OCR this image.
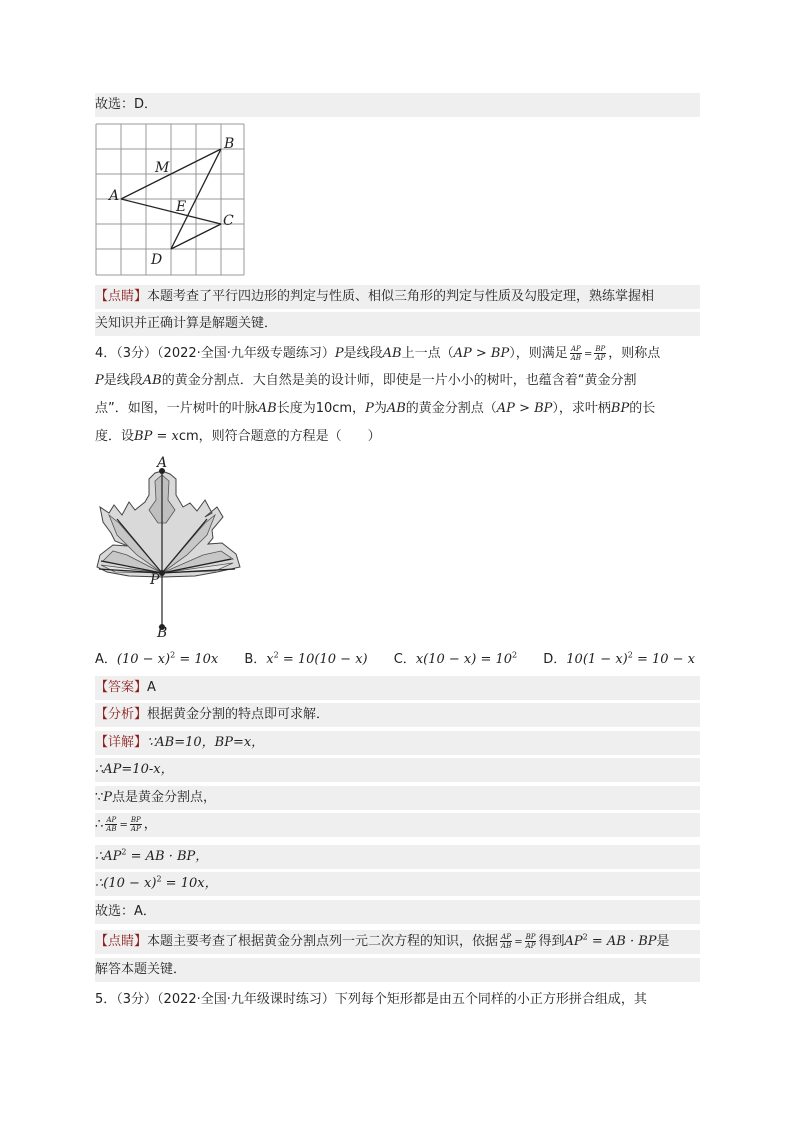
故选：D．
A
B
C
D
E
M
【点睛】本题考查了平行四边形的判定与性质、相似三角形的判定与性质及勾股定理，熟练掌握相
关知识并正确计算是解题关键．
4．（3分）（2022·全国·九年级专题练习）P是线段AB上一点（AP > BP），则满足 $\frac{AP}{AB} = \frac{BP}{AP}$ ，则称点
P是线段AB的黄金分割点．大自然是美的设计师，即使是一片小小的树叶，也蕴含着“黄金分割
点”．如图，一片树叶的叶脉AB长度为10cm，P为AB的黄金分割点（AP > BP），求叶柄BP的长
度．设BP = xcm，则符合题意的方程是（　　）
A
P
B
A．$(10 - x)^2 = 10x$ B．$x^2 = 10(10 - x)$ C．$x(10 - x) = 10^2$ D．$10(1 - x)^2 = 10 - x$
【答案】A
【分析】根据黄金分割的特点即可求解．
【详解】∵AB=10，BP=x，
∴AP=10-x，
∵P点是黄金分割点，
∴ $\frac{AP}{AB} = \frac{BP}{AP}$ ，
$\therefore AP^2$ = AB · BP，
∴(10 − x)$^2$ = 10x，
故选：A．
【点睛】本题主要考查了根据黄金分割点列一元二次方程的知识，依据 $\frac{AP}{AB} = \frac{BP}{AP}$ 得到$AP^2$ = AB · BP是
解答本题关键．
5．（3分）（2022·全国·九年级课时练习）下列每个矩形都是由五个同样的小正方形拼合组成，其
